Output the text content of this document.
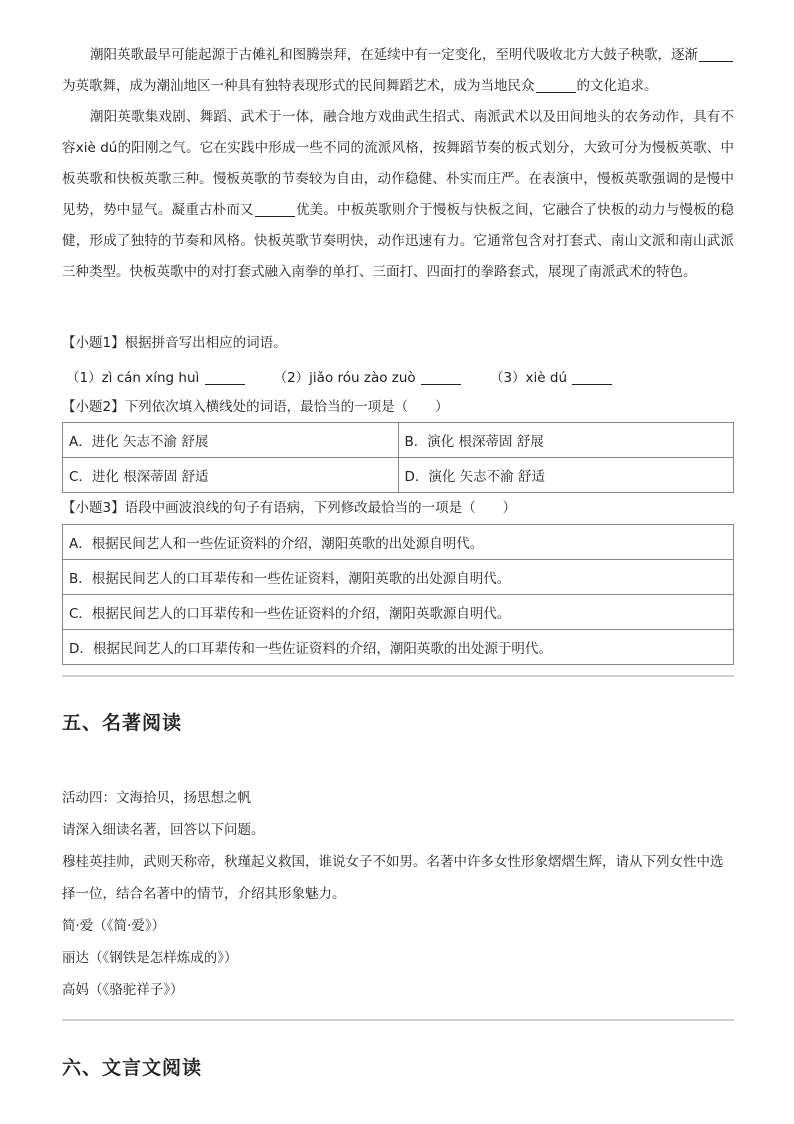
潮阳英歌最早可能起源于古傩礼和图腾崇拜，在延续中有一定变化，至明代吸收北方大鼓子秧歌，逐渐为英歌舞，成为潮汕地区一种具有独特表现形式的民间舞蹈艺术，成为当地民众	的文化追求。

潮阳英歌集戏剧、舞蹈、武术于一体，融合地方戏曲武生招式、南派武术以及田间地头的农务动作，具有不容xiè dú的阳刚之气。它在实践中形成一些不同的流派风格，按舞蹈节奏的板式划分，大致可分为慢板英歌、中板英歌和快板英歌三种。慢板英歌的节奏较为自由，动作稳健、朴实而庄严。在表演中，慢板英歌强调的是慢中见势，势中显气。凝重古朴而又	优美。中板英歌则介于慢板与快板之间，它融合了快板的动力与慢板的稳健，形成了独特的节奏和风格。快板英歌节奏明快，动作迅速有力。它通常包含对打套式、南山文派和南山武派三种类型。快板英歌中的对打套式融入南拳的单打、三面打、四面打的拳路套式，展现了南派武术的特色。

【小题1】根据拼音写出相应的词语。

（1）zì cán xíng huì	（2）jiǎo róu zào zuò	（3）xiè dú

【小题2】下列依次填入横线处的词语，最恰当的一项是（　　）

A．进化 矢志不渝 舒展	B．演化 根深蒂固 舒展
C．进化 根深蒂固 舒适	D．演化 矢志不渝 舒适

【小题3】语段中画波浪线的句子有语病，下列修改最恰当的一项是（　　）

A．根据民间艺人和一些佐证资料的介绍，潮阳英歌的出处源自明代。
B．根据民间艺人的口耳辈传和一些佐证资料，潮阳英歌的出处源自明代。
C．根据民间艺人的口耳辈传和一些佐证资料的介绍，潮阳英歌源自明代。
D．根据民间艺人的口耳辈传和一些佐证资料的介绍，潮阳英歌的出处源于明代。
五、名著阅读

活动四：文海拾贝，扬思想之帆

请深入细读名著，回答以下问题。

穆桂英挂帅，武则天称帝，秋瑾起义救国，谁说女子不如男。名著中许多女性形象熠熠生辉，请从下列女性中选择一位，结合名著中的情节，介绍其形象魅力。

简·爱（《简·爱》）

丽达（《钢铁是怎样炼成的》）

高妈（《骆驼祥子》）

六、文言文阅读
